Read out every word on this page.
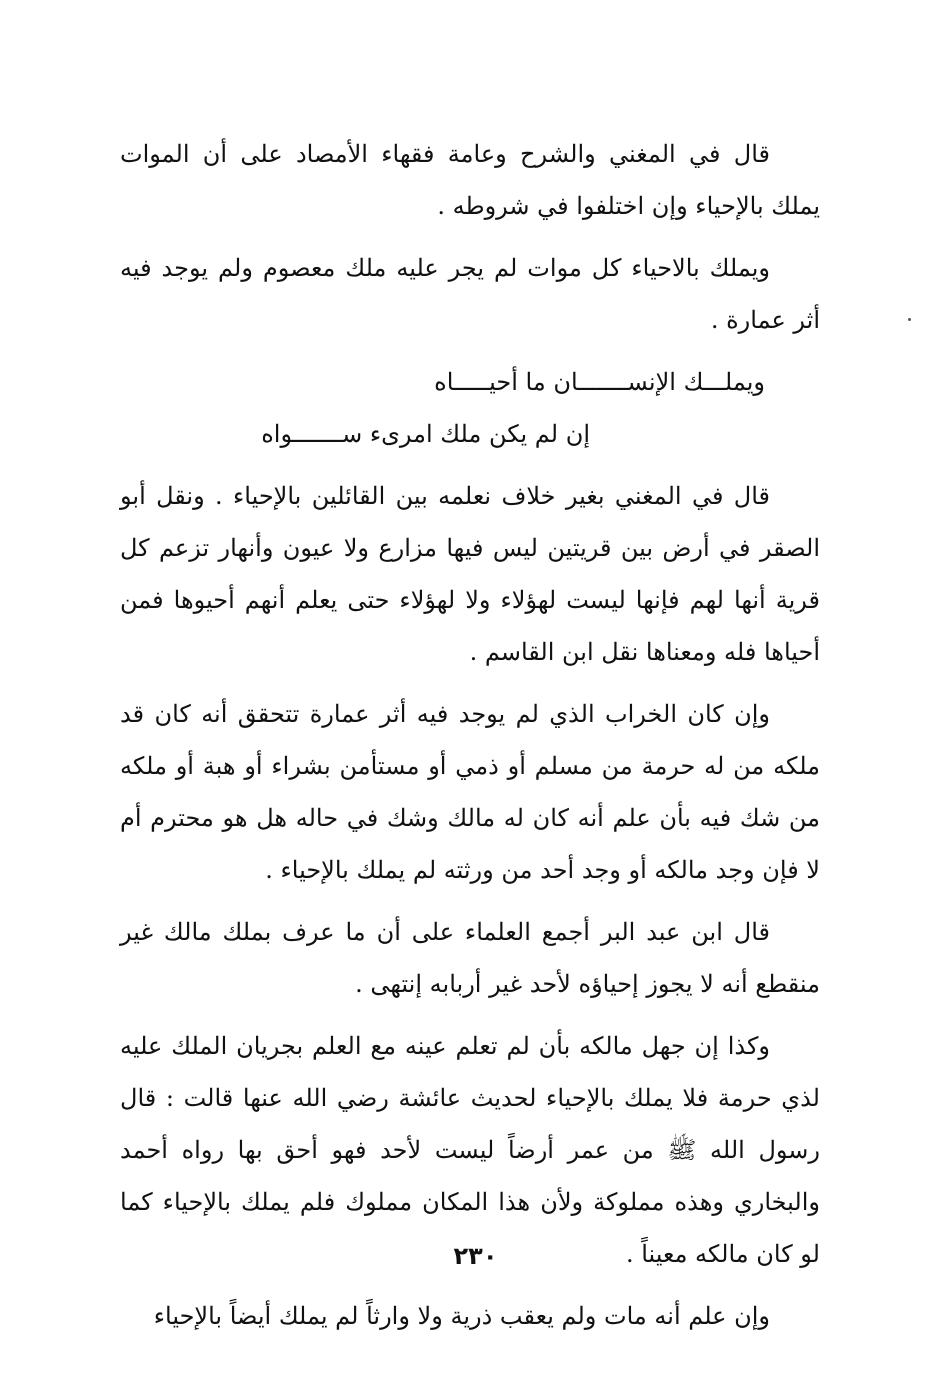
قال في المغني والشرح وعامة فقهاء الأمصاد على أن الموات يملك بالإحياء وإن اختلفوا في شروطه .

ويملك بالاحياء كل موات لم يجر عليه ملك معصوم ولم يوجد فيه أثر عمارة .

ويملـــك الإنســـــــان ما أحيـــــاه
إن لم يكن ملك امرىء ســـــــواه

قال في المغني بغير خلاف نعلمه بين القائلين بالإحياء . ونقل أبو الصقر في أرض بين قريتين ليس فيها مزارع ولا عيون وأنهار تزعم كل قرية أنها لهم فإنها ليست لهؤلاء ولا لهؤلاء حتى يعلم أنهم أحيوها فمن أحياها فله ومعناها نقل ابن القاسم .

وإن كان الخراب الذي لم يوجد فيه أثر عمارة تتحقق أنه كان قد ملكه من له حرمة من مسلم أو ذمي أو مستأمن بشراء أو هبة أو ملكه من شك فيه بأن علم أنه كان له مالك وشك في حاله هل هو محترم أم لا فإن وجد مالكه أو وجد أحد من ورثته لم يملك بالإحياء .

قال ابن عبد البر أجمع العلماء على أن ما عرف بملك مالك غير منقطع أنه لا يجوز إحياؤه لأحد غير أربابه إنتهى .

وكذا إن جهل مالكه بأن لم تعلم عينه مع العلم بجريان الملك عليه لذي حرمة فلا يملك بالإحياء لحديث عائشة رضي الله عنها قالت : قال رسول الله ﷺ من عمر أرضاً ليست لأحد فهو أحق بها رواه أحمد والبخاري وهذه مملوكة ولأن هذا المكان مملوك فلم يملك بالإحياء كما لو كان مالكه معيناً .

وإن علم أنه مات ولم يعقب ذرية ولا وارثاً لم يملك أيضاً بالإحياء

٢٣٠
